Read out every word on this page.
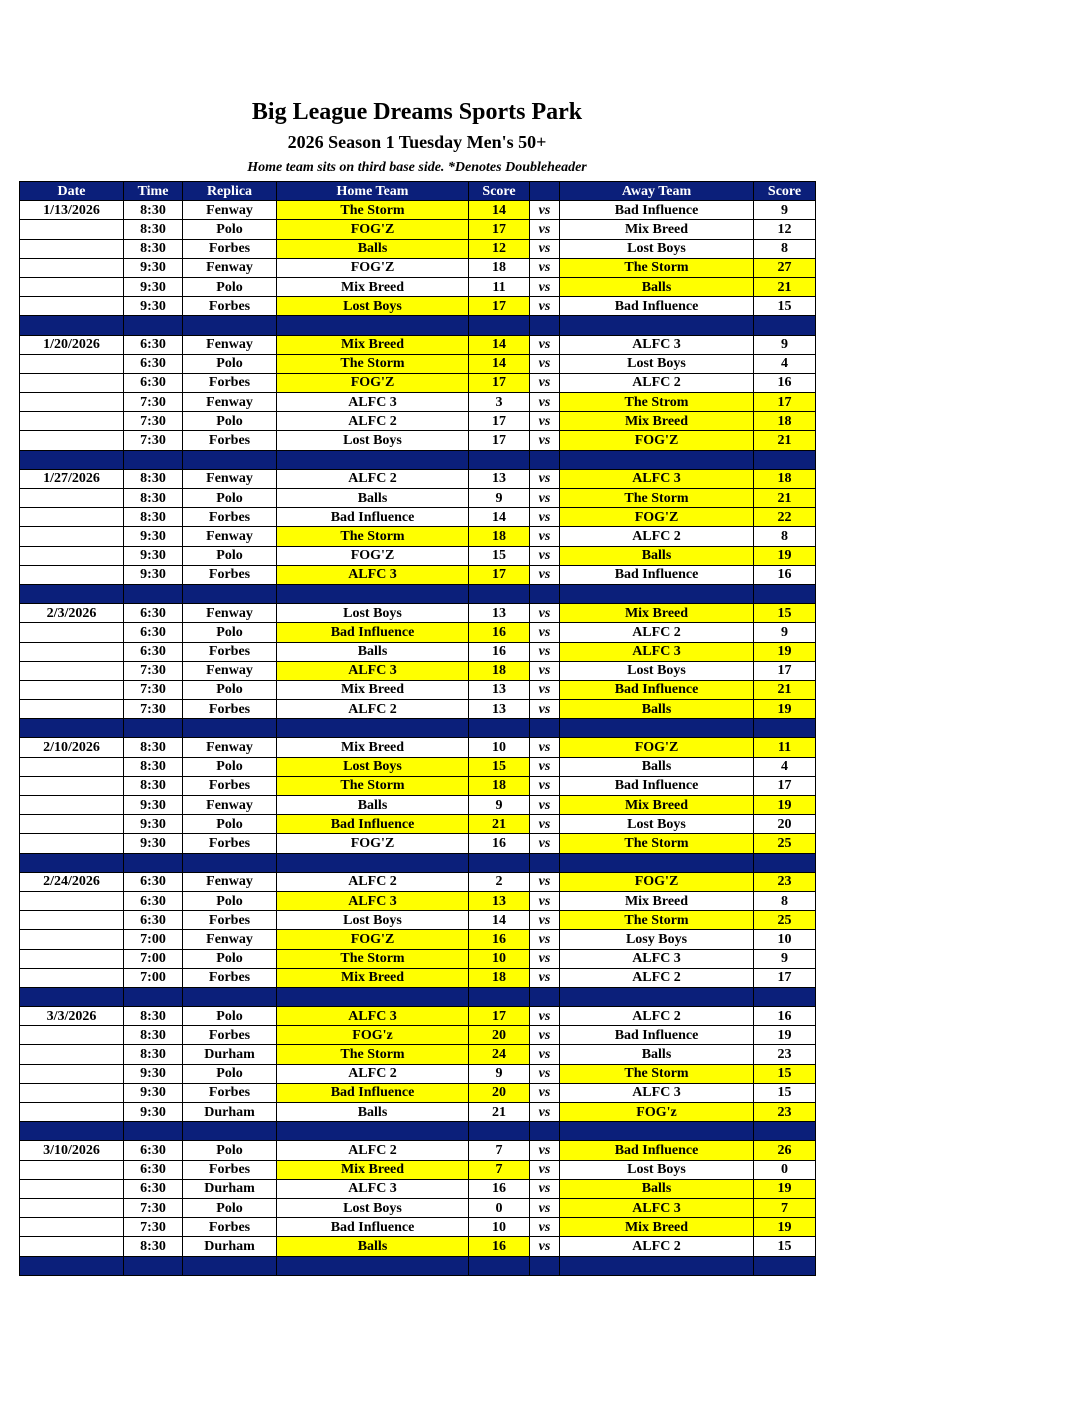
Big League Dreams Sports Park
2026 Season 1 Tuesday Men's 50+
Home team sits on third base side. *Denotes Doubleheader
Date	Time	Replica	Home Team	Score		Away Team	Score
1/13/2026	8:30	Fenway	The Storm	14	vs	Bad Influence	9
	8:30	Polo	FOG'Z	17	vs	Mix Breed	12
	8:30	Forbes	Balls	12	vs	Lost Boys	8
	9:30	Fenway	FOG'Z	18	vs	The Storm	27
	9:30	Polo	Mix Breed	11	vs	Balls	21
	9:30	Forbes	Lost Boys	17	vs	Bad Influence	15

1/20/2026	6:30	Fenway	Mix Breed	14	vs	ALFC 3	9
	6:30	Polo	The Storm	14	vs	Lost Boys	4
	6:30	Forbes	FOG'Z	17	vs	ALFC 2	16
	7:30	Fenway	ALFC 3	3	vs	The Strom	17
	7:30	Polo	ALFC 2	17	vs	Mix Breed	18
	7:30	Forbes	Lost Boys	17	vs	FOG'Z	21

1/27/2026	8:30	Fenway	ALFC 2	13	vs	ALFC 3	18
	8:30	Polo	Balls	9	vs	The Storm	21
	8:30	Forbes	Bad Influence	14	vs	FOG'Z	22
	9:30	Fenway	The Storm	18	vs	ALFC 2	8
	9:30	Polo	FOG'Z	15	vs	Balls	19
	9:30	Forbes	ALFC 3	17	vs	Bad Influence	16

2/3/2026	6:30	Fenway	Lost Boys	13	vs	Mix Breed	15
	6:30	Polo	Bad Influence	16	vs	ALFC 2	9
	6:30	Forbes	Balls	16	vs	ALFC 3	19
	7:30	Fenway	ALFC 3	18	vs	Lost Boys	17
	7:30	Polo	Mix Breed	13	vs	Bad Influence	21
	7:30	Forbes	ALFC 2	13	vs	Balls	19

2/10/2026	8:30	Fenway	Mix Breed	10	vs	FOG'Z	11
	8:30	Polo	Lost Boys	15	vs	Balls	4
	8:30	Forbes	The Storm	18	vs	Bad Influence	17
	9:30	Fenway	Balls	9	vs	Mix Breed	19
	9:30	Polo	Bad Influence	21	vs	Lost Boys	20
	9:30	Forbes	FOG'Z	16	vs	The Storm	25

2/24/2026	6:30	Fenway	ALFC 2	2	vs	FOG'Z	23
	6:30	Polo	ALFC 3	13	vs	Mix Breed	8
	6:30	Forbes	Lost Boys	14	vs	The Storm	25
	7:00	Fenway	FOG'Z	16	vs	Losy Boys	10
	7:00	Polo	The Storm	10	vs	ALFC 3	9
	7:00	Forbes	Mix Breed	18	vs	ALFC 2	17

3/3/2026	8:30	Polo	ALFC 3	17	vs	ALFC 2	16
	8:30	Forbes	FOG'z	20	vs	Bad Influence	19
	8:30	Durham	The Storm	24	vs	Balls	23
	9:30	Polo	ALFC 2	9	vs	The Storm	15
	9:30	Forbes	Bad Influence	20	vs	ALFC 3	15
	9:30	Durham	Balls	21	vs	FOG'z	23

3/10/2026	6:30	Polo	ALFC 2	7	vs	Bad Influence	26
	6:30	Forbes	Mix Breed	7	vs	Lost Boys	0
	6:30	Durham	ALFC 3	16	vs	Balls	19
	7:30	Polo	Lost Boys	0	vs	ALFC 3	7
	7:30	Forbes	Bad Influence	10	vs	Mix Breed	19
	8:30	Durham	Balls	16	vs	ALFC 2	15
